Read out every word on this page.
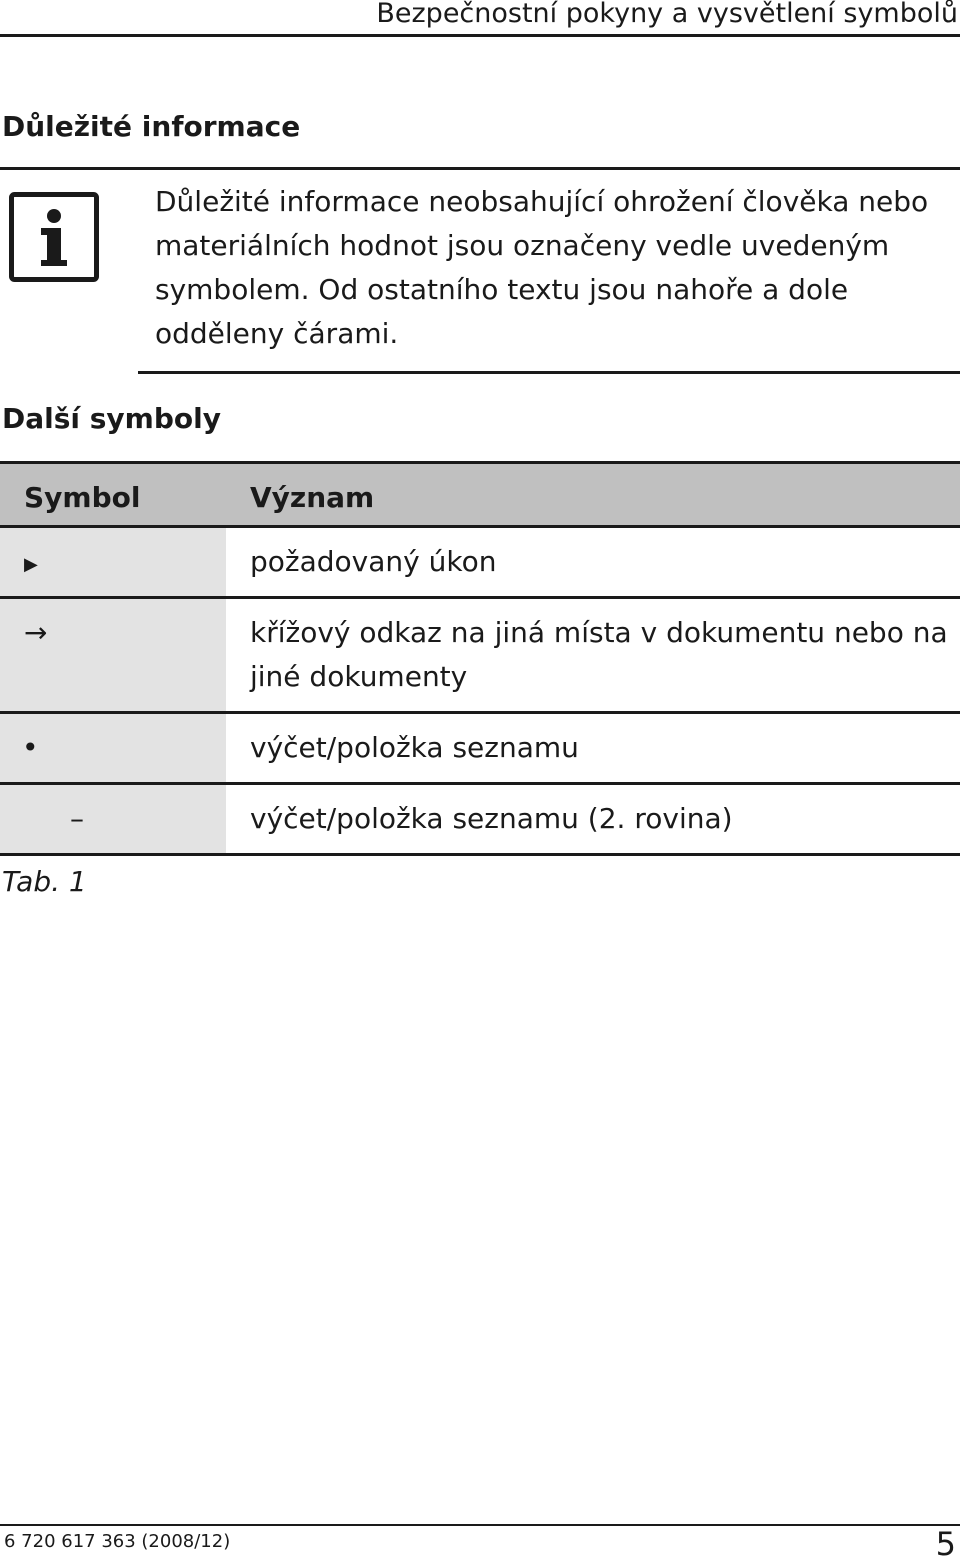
Bezpečnostní pokyny a vysvětlení symbolů
Důležité informace
Důležité informace neobsahující ohrožení člověka nebo materiálních hodnot jsou označeny vedle uvedeným symbolem. Od ostatního textu jsou nahoře a dole odděleny čárami.
Další symboly
Symbol	Význam

▶	požadovaný úkon

→	křížový odkaz na jiná místa v dokumentu nebo na jiné dokumenty

•	výčet/položka seznamu

–	výčet/položka seznamu (2. rovina)
Tab. 1
6 720 617 363 (2008/12)	5
